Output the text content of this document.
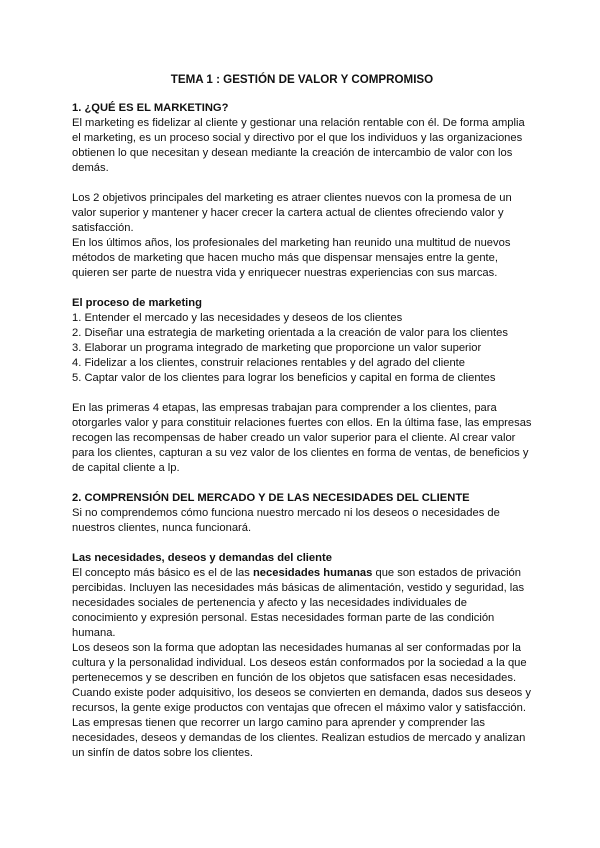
TEMA 1 : GESTIÓN DE VALOR Y COMPROMISO

1. ¿QUÉ ES EL MARKETING?

El marketing es fidelizar al cliente y gestionar una relación rentable con él. De forma amplia el marketing, es un proceso social y directivo por el que los individuos y las organizaciones obtienen lo que necesitan y desean mediante la creación de intercambio de valor con los demás.

Los 2 objetivos principales del marketing es atraer clientes nuevos con la promesa de un valor superior y mantener y hacer crecer la cartera actual de clientes ofreciendo valor y satisfacción.

En los últimos años, los profesionales del marketing han reunido una multitud de nuevos métodos de marketing que hacen mucho más que dispensar mensajes entre la gente, quieren ser parte de nuestra vida y enriquecer nuestras experiencias con sus marcas.

El proceso de marketing

1. Entender el mercado y las necesidades y deseos de los clientes
2. Diseñar una estrategia de marketing orientada a la creación de valor para los clientes
3. Elaborar un programa integrado de marketing que proporcione un valor superior
4. Fidelizar a los clientes, construir relaciones rentables y del agrado del cliente
5. Captar valor de los clientes para lograr los beneficios y capital en forma de clientes

En las primeras 4 etapas, las empresas trabajan para comprender a los clientes, para otorgarles valor y para constituir relaciones fuertes con ellos. En la última fase, las empresas recogen las recompensas de haber creado un valor superior para el cliente. Al crear valor para los clientes, capturan a su vez valor de los clientes en forma de ventas, de beneficios y de capital cliente a lp.

2. COMPRENSIÓN DEL MERCADO Y DE LAS NECESIDADES DEL CLIENTE

Si no comprendemos cómo funciona nuestro mercado ni los deseos o necesidades de nuestros clientes, nunca funcionará.

Las necesidades, deseos y demandas del cliente

El concepto más básico es el de las necesidades humanas que son estados de privación percibidas. Incluyen las necesidades más básicas de alimentación, vestido y seguridad, las necesidades sociales de pertenencia y afecto y las necesidades individuales de conocimiento y expresión personal. Estas necesidades forman parte de las condición humana.

Los deseos son la forma que adoptan las necesidades humanas al ser conformadas por la cultura y la personalidad individual. Los deseos están conformados por la sociedad a la que pertenecemos y se describen en función de los objetos que satisfacen esas necesidades. Cuando existe poder adquisitivo, los deseos se convierten en demanda, dados sus deseos y recursos, la gente exige productos con ventajas que ofrecen el máximo valor y satisfacción. Las empresas tienen que recorrer un largo camino para aprender y comprender las necesidades, deseos y demandas de los clientes. Realizan estudios de mercado y analizan un sinfín de datos sobre los clientes.
